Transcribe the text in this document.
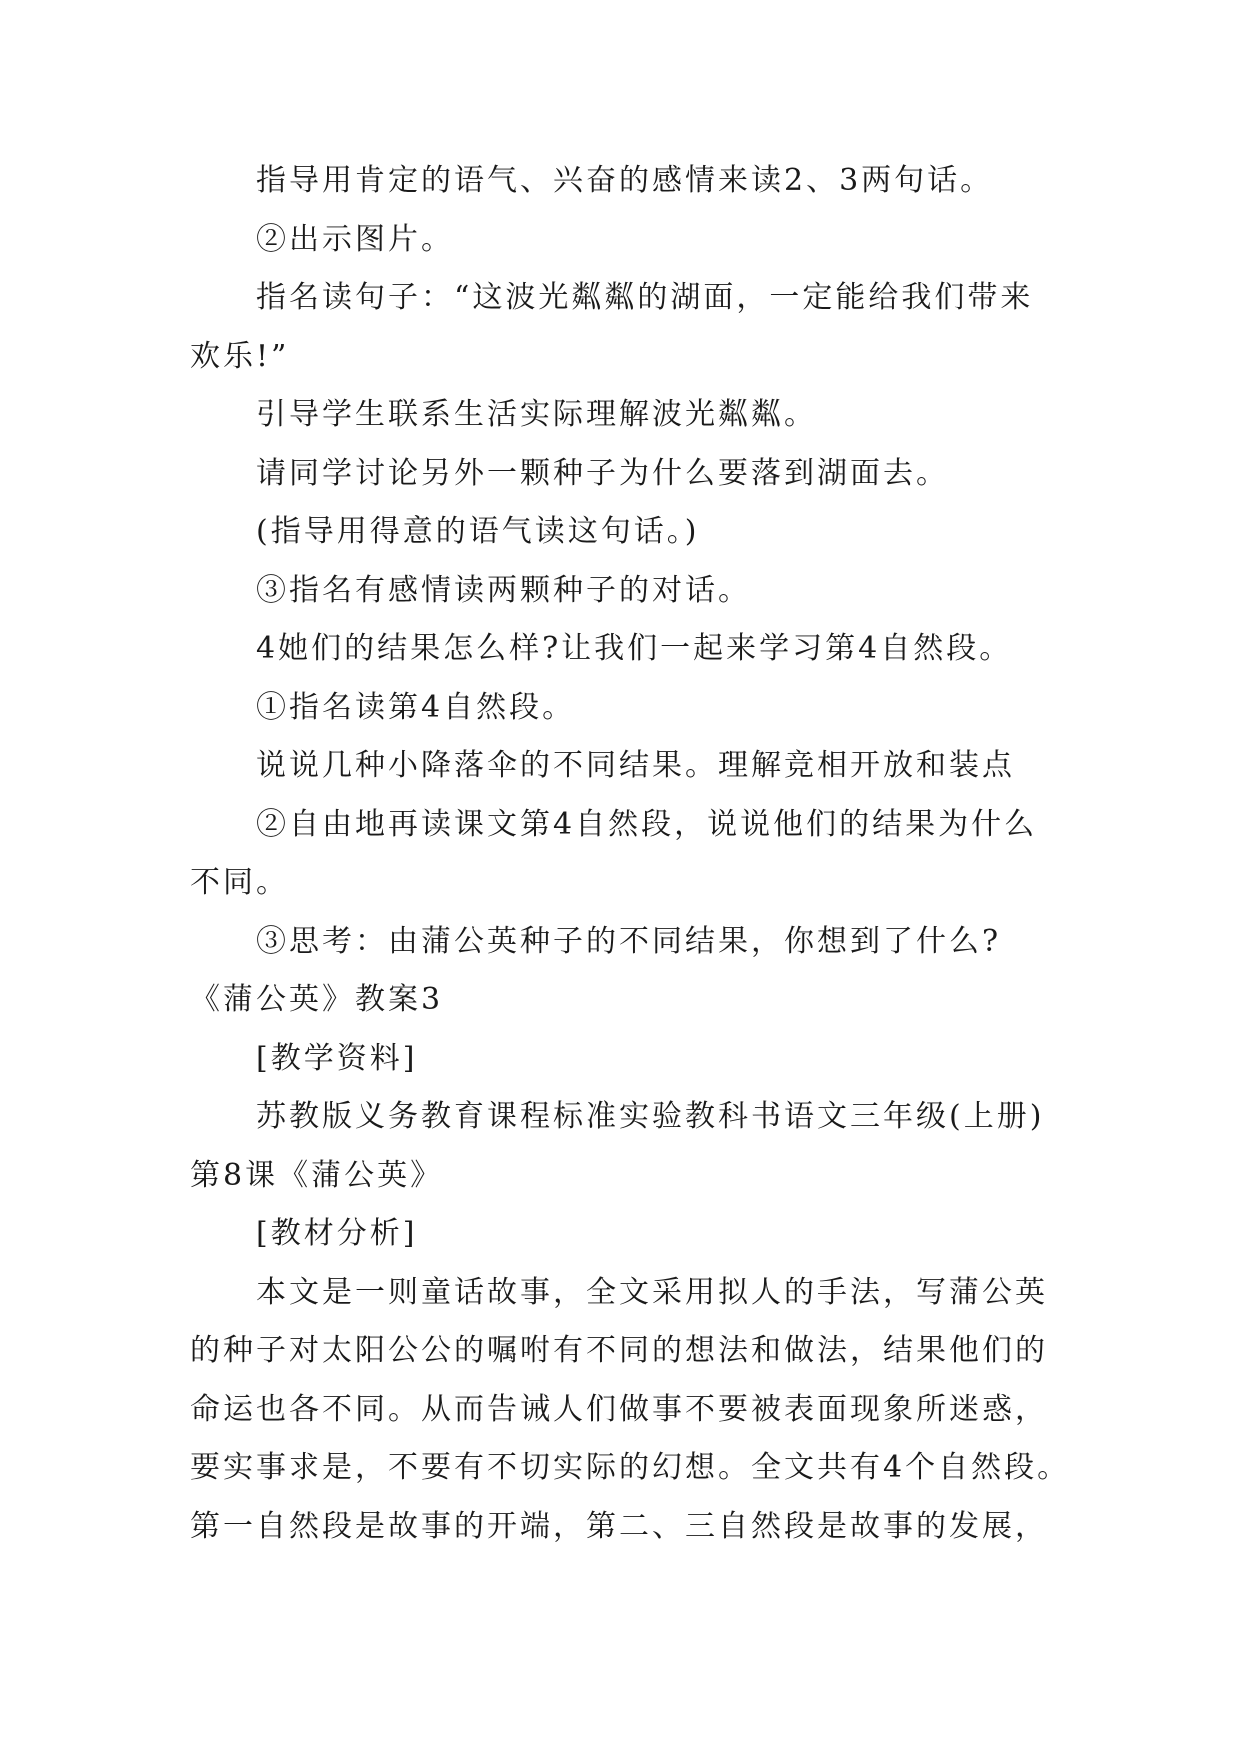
指导用肯定的语气、兴奋的感情来读2、3两句话。
②出示图片。
指名读句子：“这波光粼粼的湖面，一定能给我们带来
欢乐!”
引导学生联系生活实际理解波光粼粼。
请同学讨论另外一颗种子为什么要落到湖面去。
(指导用得意的语气读这句话。)
③指名有感情读两颗种子的对话。
4她们的结果怎么样?让我们一起来学习第4自然段。
①指名读第4自然段。
说说几种小降落伞的不同结果。理解竞相开放和装点
②自由地再读课文第4自然段，说说他们的结果为什么
不同。
③思考：由蒲公英种子的不同结果，你想到了什么?
《蒲公英》教案3
[教学资料]
苏教版义务教育课程标准实验教科书语文三年级(上册)
第8课《蒲公英》
[教材分析]
本文是一则童话故事，全文采用拟人的手法，写蒲公英
的种子对太阳公公的嘱咐有不同的想法和做法，结果他们的
命运也各不同。从而告诫人们做事不要被表面现象所迷惑，
要实事求是，不要有不切实际的幻想。全文共有4个自然段。
第一自然段是故事的开端，第二、三自然段是故事的发展，
